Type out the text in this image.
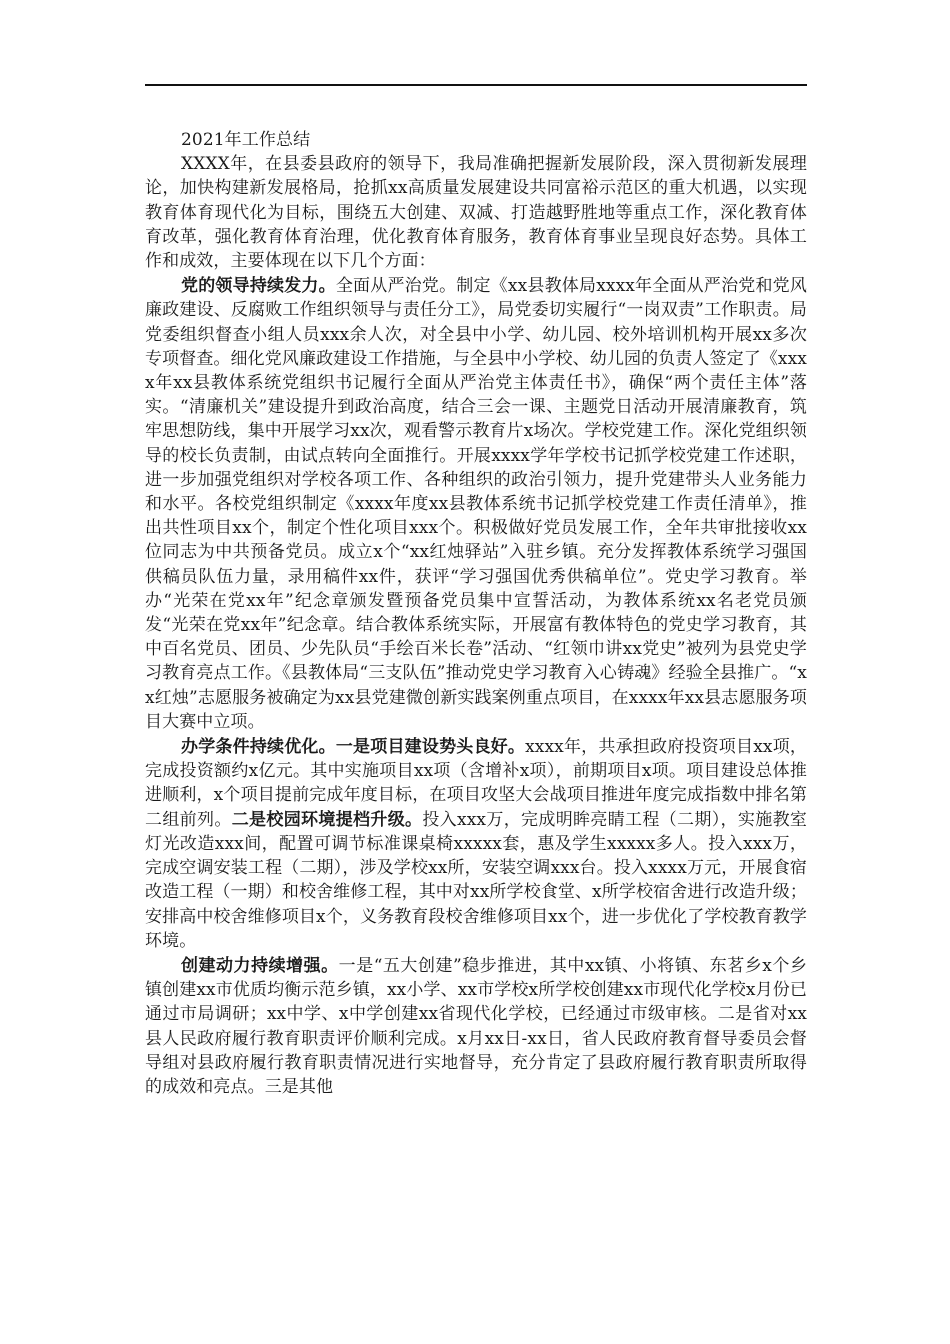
2021年工作总结

XXXX年，在县委县政府的领导下，我局准确把握新发展阶段，深入贯彻新发展理论，加快构建新发展格局，抢抓xx高质量发展建设共同富裕示范区的重大机遇，以实现教育体育现代化为目标，围绕五大创建、双减、打造越野胜地等重点工作，深化教育体育改革，强化教育体育治理，优化教育体育服务，教育体育事业呈现良好态势。具体工作和成效，主要体现在以下几个方面：

党的领导持续发力。全面从严治党。制定《xx县教体局xxxx年全面从严治党和党风廉政建设、反腐败工作组织领导与责任分工》，局党委切实履行“一岗双责”工作职责。局党委组织督查小组人员xxx余人次，对全县中小学、幼儿园、校外培训机构开展xx多次专项督查。细化党风廉政建设工作措施，与全县中小学校、幼儿园的负责人签定了《xxxx年xx县教体系统党组织书记履行全面从严治党主体责任书》，确保“两个责任主体”落实。“清廉机关”建设提升到政治高度，结合三会一课、主题党日活动开展清廉教育，筑牢思想防线，集中开展学习xx次，观看警示教育片x场次。学校党建工作。深化党组织领导的校长负责制，由试点转向全面推行。开展xxxx学年学校书记抓学校党建工作述职，进一步加强党组织对学校各项工作、各种组织的政治引领力，提升党建带头人业务能力和水平。各校党组织制定《xxxx年度xx县教体系统书记抓学校党建工作责任清单》，推出共性项目xx个，制定个性化项目xxx个。积极做好党员发展工作，全年共审批接收xx位同志为中共预备党员。成立x个“xx红烛驿站”入驻乡镇。充分发挥教体系统学习强国供稿员队伍力量，录用稿件xx件，获评“学习强国优秀供稿单位”。党史学习教育。举办“光荣在党xx年”纪念章颁发暨预备党员集中宣誓活动，为教体系统xx名老党员颁发“光荣在党xx年”纪念章。结合教体系统实际，开展富有教体特色的党史学习教育，其中百名党员、团员、少先队员“手绘百米长卷”活动、“红领巾讲xx党史”被列为县党史学习教育亮点工作。《县教体局“三支队伍”推动党史学习教育入心铸魂》经验全县推广。“xx红烛”志愿服务被确定为xx县党建微创新实践案例重点项目，在xxxx年xx县志愿服务项目大赛中立项。

办学条件持续优化。一是项目建设势头良好。xxxx年，共承担政府投资项目xx项，完成投资额约x亿元。其中实施项目xx项（含增补x项），前期项目x项。项目建设总体推进顺利，x个项目提前完成年度目标，在项目攻坚大会战项目推进年度完成指数中排名第二组前列。二是校园环境提档升级。投入xxx万，完成明眸亮睛工程（二期），实施教室灯光改造xxx间，配置可调节标准课桌椅xxxxx套，惠及学生xxxxx多人。投入xxx万，完成空调安装工程（二期），涉及学校xx所，安装空调xxx台。投入xxxx万元，开展食宿改造工程（一期）和校舍维修工程，其中对xx所学校食堂、x所学校宿舍进行改造升级；安排高中校舍维修项目x个，义务教育段校舍维修项目xx个，进一步优化了学校教育教学环境。

创建动力持续增强。一是“五大创建”稳步推进，其中xx镇、小将镇、东茗乡x个乡镇创建xx市优质均衡示范乡镇，xx小学、xx市学校x所学校创建xx市现代化学校x月份已通过市局调研；xx中学、x中学创建xx省现代化学校，已经通过市级审核。二是省对xx县人民政府履行教育职责评价顺利完成。x月xx日-xx日，省人民政府教育督导委员会督导组对县政府履行教育职责情况进行实地督导，充分肯定了县政府履行教育职责所取得的成效和亮点。三是其他
